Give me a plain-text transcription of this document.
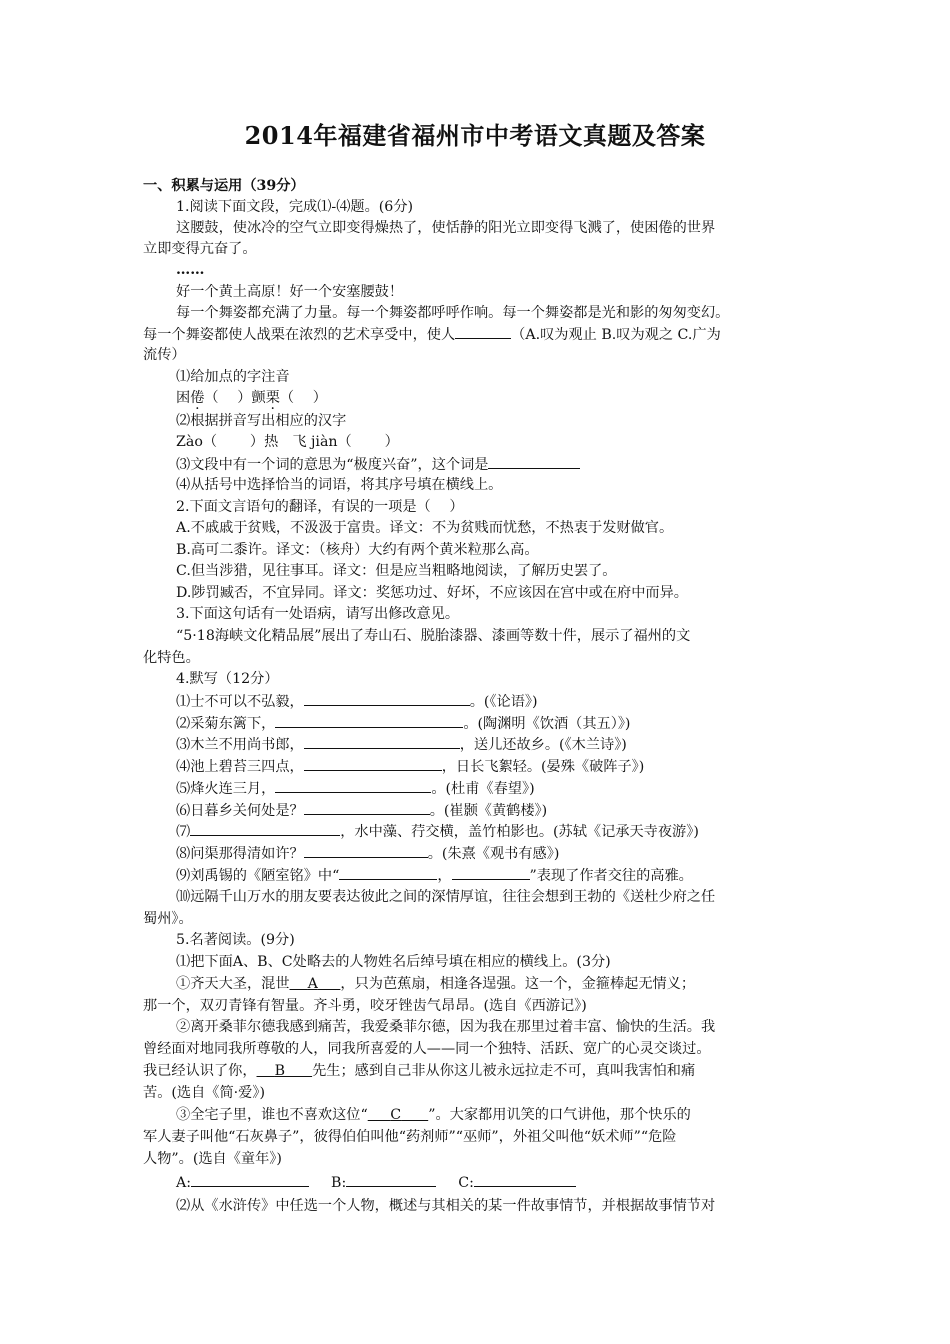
2014年福建省福州市中考语文真题及答案
一、积累与运用（39分）
1.阅读下面文段，完成⑴-⑷题。(6分)
这腰鼓，使冰冷的空气立即变得燥热了，使恬静的阳光立即变得飞溅了，使困倦的世界
立即变得亢奋了。
……
好一个黄土高原！好一个安塞腰鼓！
每一个舞姿都充满了力量。每一个舞姿都呼呼作响。每一个舞姿都是光和影的匆匆变幻。
每一个舞姿都使人战栗在浓烈的艺术享受中，使人	（A.叹为观止 B.叹为观之 C.广为
流传）
⑴给加点的字注音
困倦（　 ）颤栗（　 ）
⑵根据拼音写出相应的汉字
Zào（　 　）热 飞 jiàn（　 　）
⑶文段中有一个词的意思为“极度兴奋”，这个词是
⑷从括号中选择恰当的词语，将其序号填在横线上。
2.下面文言语句的翻译，有误的一项是（　 ）
A.不戚戚于贫贱，不汲汲于富贵。译文：不为贫贱而忧愁，不热衷于发财做官。
B.高可二黍许。译文：（核舟）大约有两个黄米粒那么高。
C.但当涉猎，见往事耳。译文：但是应当粗略地阅读，了解历史罢了。
D.陟罚臧否，不宜异同。译文：奖惩功过、好坏，不应该因在宫中或在府中而异。
3.下面这句话有一处语病，请写出修改意见。
“5·18海峡文化精品展”展出了寿山石、脱胎漆器、漆画等数十件，展示了福州的文
化特色。
4.默写（12分）
⑴士不可以不弘毅，	。(《论语》)
⑵采菊东篱下，	。(陶渊明《饮酒（其五）》)
⑶木兰不用尚书郎，	，送儿还故乡。(《木兰诗》)
⑷池上碧苔三四点，	，日长飞絮轻。(晏殊《破阵子》)
⑸烽火连三月，	。(杜甫《春望》)
⑹日暮乡关何处是？	。(崔颢《黄鹤楼》)
⑺	，水中藻、荇交横，盖竹柏影也。(苏轼《记承天寺夜游》)
⑻问渠那得清如许？	。(朱熹《观书有感》)
⑼刘禹锡的《陋室铭》中“	，	”表现了作者交往的高雅。
⑽远隔千山万水的朋友要表达彼此之间的深情厚谊，往往会想到王勃的《送杜少府之任
蜀州》。
5.名著阅读。(9分)
⑴把下面A、B、C处略去的人物姓名后绰号填在相应的横线上。(3分)
①齐天大圣，混世 A ，只为芭蕉扇，相逢各逞强。这一个，金箍棒起无情义；
那一个，双刃青锋有智量。齐斗勇，咬牙锉齿气昂昂。(选自《西游记》)
②离开桑菲尔德我感到痛苦，我爱桑菲尔德，因为我在那里过着丰富、愉快的生活。我
曾经面对地同我所尊敬的人，同我所喜爱的人——同一个独特、活跃、宽广的心灵交谈过。
我已经认识了你， B 先生；感到自己非从你这儿被永远拉走不可，真叫我害怕和痛
苦。(选自《简·爱》)
③全宅子里，谁也不喜欢这位“ C ”。大家都用讥笑的口气讲他，那个快乐的
军人妻子叫他“石灰鼻子”，彼得伯伯叫他“药剂师”“巫师”，外祖父叫他“妖术师”“危险
人物”。(选自《童年》)
A:	B:	C:
⑵从《水浒传》中任选一个人物，概述与其相关的某一件故事情节，并根据故事情节对
